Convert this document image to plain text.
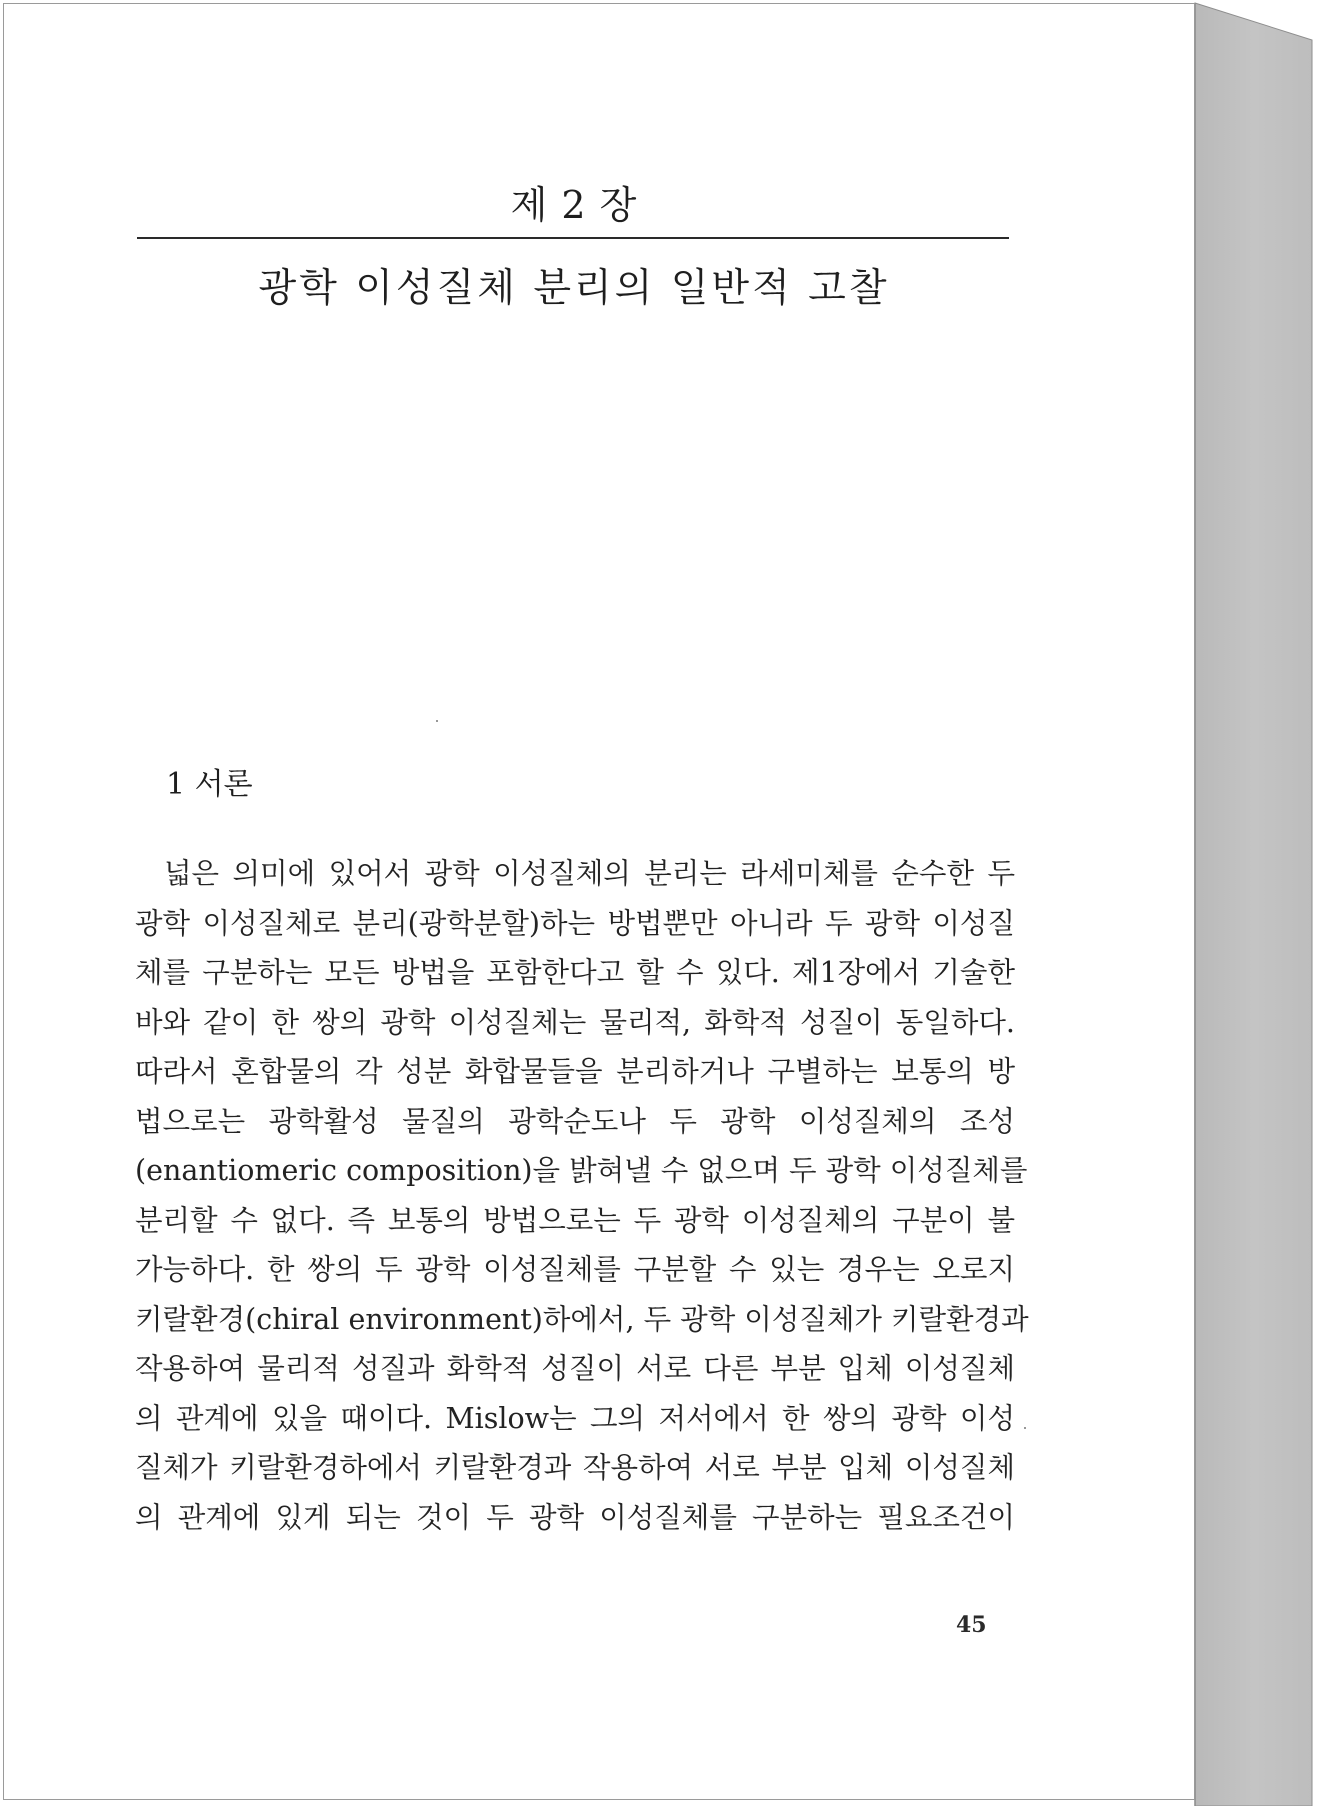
제 2 장
광학 이성질체 분리의 일반적 고찰
1 서론
넓은 의미에 있어서 광학 이성질체의 분리는 라세미체를 순수한 두
광학 이성질체로 분리(광학분할)하는 방법뿐만 아니라 두 광학 이성질
체를 구분하는 모든 방법을 포함한다고 할 수 있다. 제1장에서 기술한
바와 같이 한 쌍의 광학 이성질체는 물리적, 화학적 성질이 동일하다.
따라서 혼합물의 각 성분 화합물들을 분리하거나 구별하는 보통의 방
법으로는 광학활성 물질의 광학순도나 두 광학 이성질체의 조성
(enantiomeric composition)을 밝혀낼 수 없으며 두 광학 이성질체를
분리할 수 없다. 즉 보통의 방법으로는 두 광학 이성질체의 구분이 불
가능하다. 한 쌍의 두 광학 이성질체를 구분할 수 있는 경우는 오로지
키랄환경(chiral environment)하에서, 두 광학 이성질체가 키랄환경과
작용하여 물리적 성질과 화학적 성질이 서로 다른 부분 입체 이성질체
의 관계에 있을 때이다. Mislow는 그의 저서에서 한 쌍의 광학 이성
질체가 키랄환경하에서 키랄환경과 작용하여 서로 부분 입체 이성질체
의 관계에 있게 되는 것이 두 광학 이성질체를 구분하는 필요조건이
45
